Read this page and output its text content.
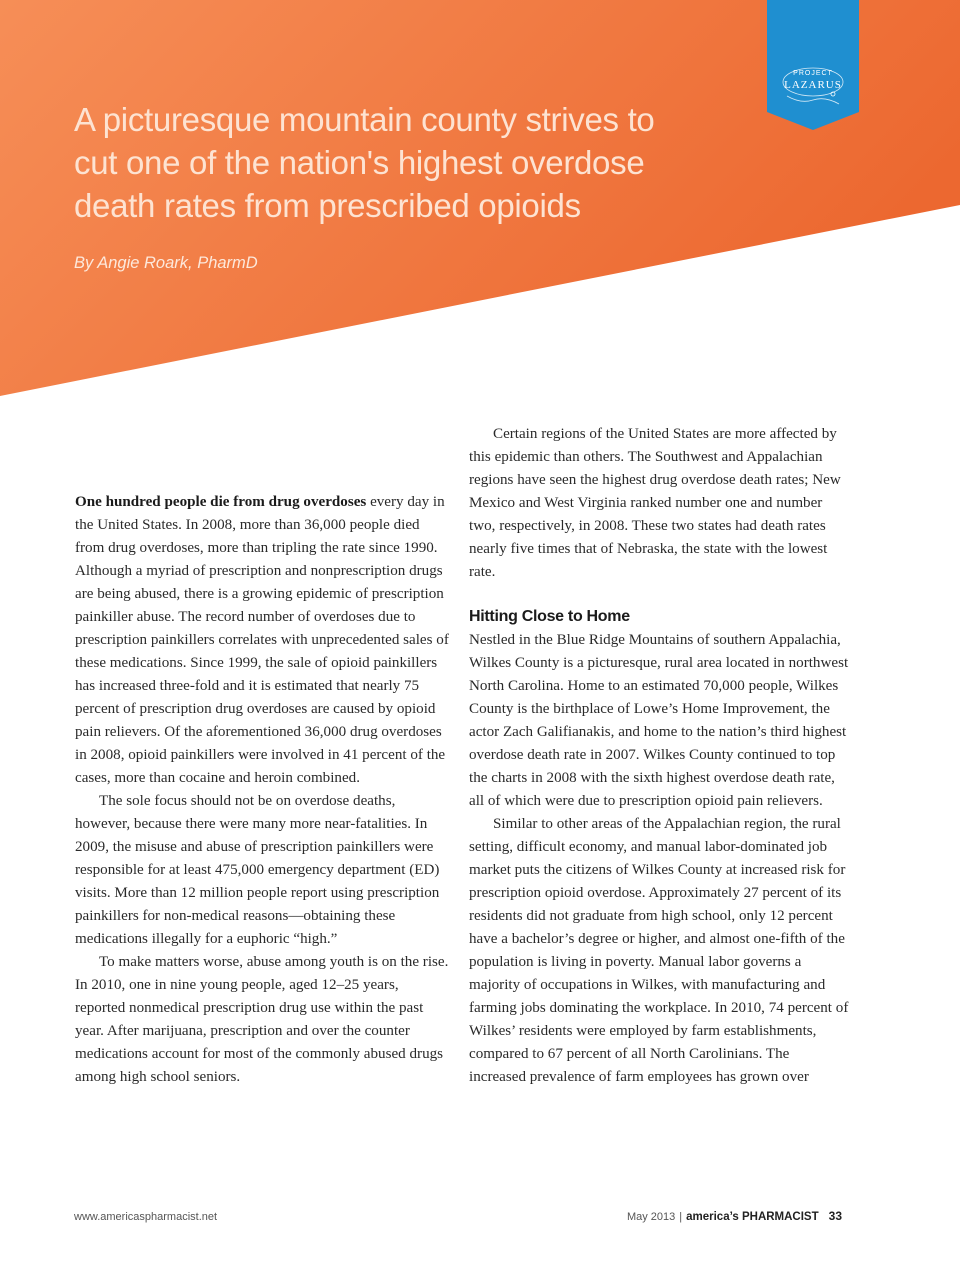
PROJECT
LAZARUS
A picturesque mountain county strives to cut one of the nation's highest overdose death rates from prescribed opioids

By Angie Roark, PharmD

One hundred people die from drug overdoses every day in the United States. In 2008, more than 36,000 people died from drug overdoses, more than tripling the rate since 1990. Although a myriad of prescription and nonprescription drugs are being abused, there is a growing epidemic of prescription painkiller abuse. The record number of overdoses due to prescription painkillers correlates with unprecedented sales of these medications. Since 1999, the sale of opioid painkillers has increased three-fold and it is estimated that nearly 75 percent of prescription drug overdoses are caused by opioid pain relievers. Of the aforementioned 36,000 drug overdoses in 2008, opioid painkillers were involved in 41 percent of the cases, more than cocaine and heroin combined.

The sole focus should not be on overdose deaths, however, because there were many more near-fatalities. In 2009, the misuse and abuse of prescription painkillers were responsible for at least 475,000 emergency department (ED) visits. More than 12 million people report using prescription painkillers for non-medical reasons—obtaining these medications illegally for a euphoric “high.”

To make matters worse, abuse among youth is on the rise. In 2010, one in nine young people, aged 12–25 years, reported nonmedical prescription drug use within the past year. After marijuana, prescription and over the counter medications account for most of the commonly abused drugs among high school seniors.

Certain regions of the United States are more affected by this epidemic than others. The Southwest and Appalachian regions have seen the highest drug overdose death rates; New Mexico and West Virginia ranked number one and number two, respectively, in 2008. These two states had death rates nearly five times that of Nebraska, the state with the lowest rate.

Hitting Close to Home

Nestled in the Blue Ridge Mountains of southern Appalachia, Wilkes County is a picturesque, rural area located in northwest North Carolina. Home to an estimated 70,000 people, Wilkes County is the birthplace of Lowe’s Home Improvement, the actor Zach Galifianakis, and home to the nation’s third highest overdose death rate in 2007. Wilkes County continued to top the charts in 2008 with the sixth highest overdose death rate, all of which were due to prescription opioid pain relievers.

Similar to other areas of the Appalachian region, the rural setting, difficult economy, and manual labor-dominated job market puts the citizens of Wilkes County at increased risk for prescription opioid overdose. Approximately 27 percent of its residents did not graduate from high school, only 12 percent have a bachelor’s degree or higher, and almost one-fifth of the population is living in poverty. Manual labor governs a majority of occupations in Wilkes, with manufacturing and farming jobs dominating the workplace. In 2010, 74 percent of Wilkes’ residents were employed by farm establishments, compared to 67 percent of all North Carolinians. The increased prevalence of farm employees has grown over

www.americaspharmacist.net	May 2013 | america’s PHARMACIST 33
